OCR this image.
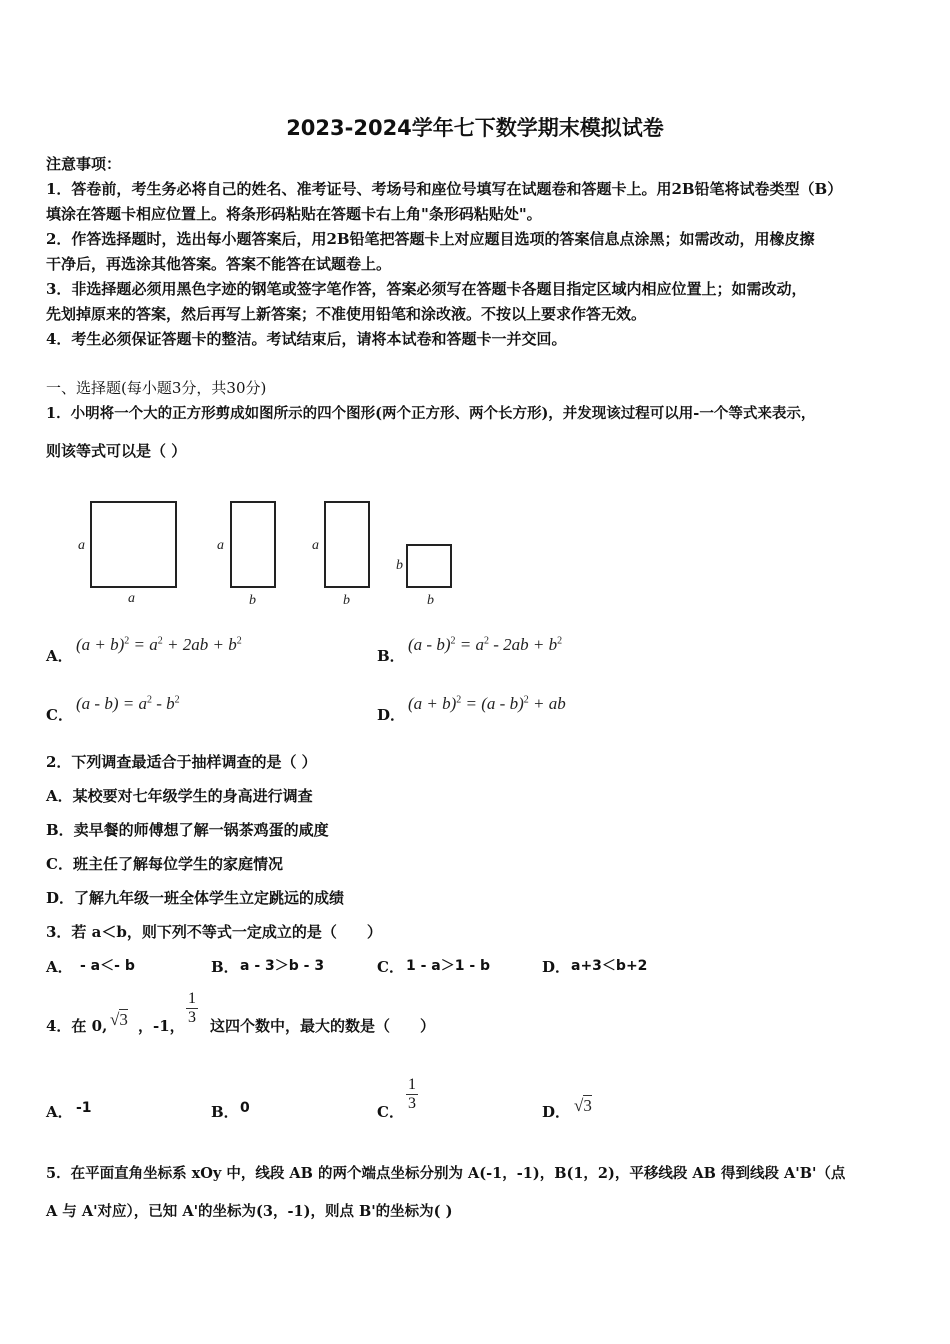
2023-2024学年七下数学期末模拟试卷
注意事项：
1．答卷前，考生务必将自己的姓名、准考证号、考场号和座位号填写在试题卷和答题卡上。用2B铅笔将试卷类型（B）
填涂在答题卡相应位置上。将条形码粘贴在答题卡右上角"条形码粘贴处"。
2．作答选择题时，选出每小题答案后，用2B铅笔把答题卡上对应题目选项的答案信息点涂黑；如需改动，用橡皮擦
干净后，再选涂其他答案。答案不能答在试题卷上。
3．非选择题必须用黑色字迹的钢笔或签字笔作答，答案必须写在答题卡各题目指定区域内相应位置上；如需改动，
先划掉原来的答案，然后再写上新答案；不准使用铅笔和涂改液。不按以上要求作答无效。
4．考生必须保证答题卡的整洁。考试结束后，请将本试卷和答题卡一并交回。
一、选择题(每小题3分，共30分)
1．小明将一个大的正方形剪成如图所示的四个图形(两个正方形、两个长方形)，并发现该过程可以用-一个等式来表示，
则该等式可以是（ ）
a
a
a
b
a
b
b
b
A．
$(a + b)^2 = a^2 + 2ab + b^2$
B．
$(a - b)^2 = a^2 - 2ab + b^2$
C．
$(a - b) = a^2 - b^2$
D．
$(a + b)^2 = (a - b)^2$ + ab
2．下列调查最适合于抽样调查的是（ ）
A．某校要对七年级学生的身高进行调查
B．卖早餐的师傅想了解一锅茶鸡蛋的咸度
C．班主任了解每位学生的家庭情况
D．了解九年级一班全体学生立定跳远的成绩
3．若 a＜b，则下列不等式一定成立的是（　　）
A． - a＜- b	B． a - 3＞b - 3	C． 1 - a＞1 - b	D． a+3＜b+2
4．在 0, √3 ，-1， $\frac{1}{3}$ 这四个数中，最大的数是（　　）
A． -1	B． 0	C． $\frac{1}{3}$	D． √3
5．在平面直角坐标系 xOy 中，线段 AB 的两个端点坐标分别为 A(-1，-1)，B(1，2)，平移线段 AB 得到线段 A'B'（点
A 与 A'对应），已知 A'的坐标为(3，-1)，则点 B'的坐标为( )
